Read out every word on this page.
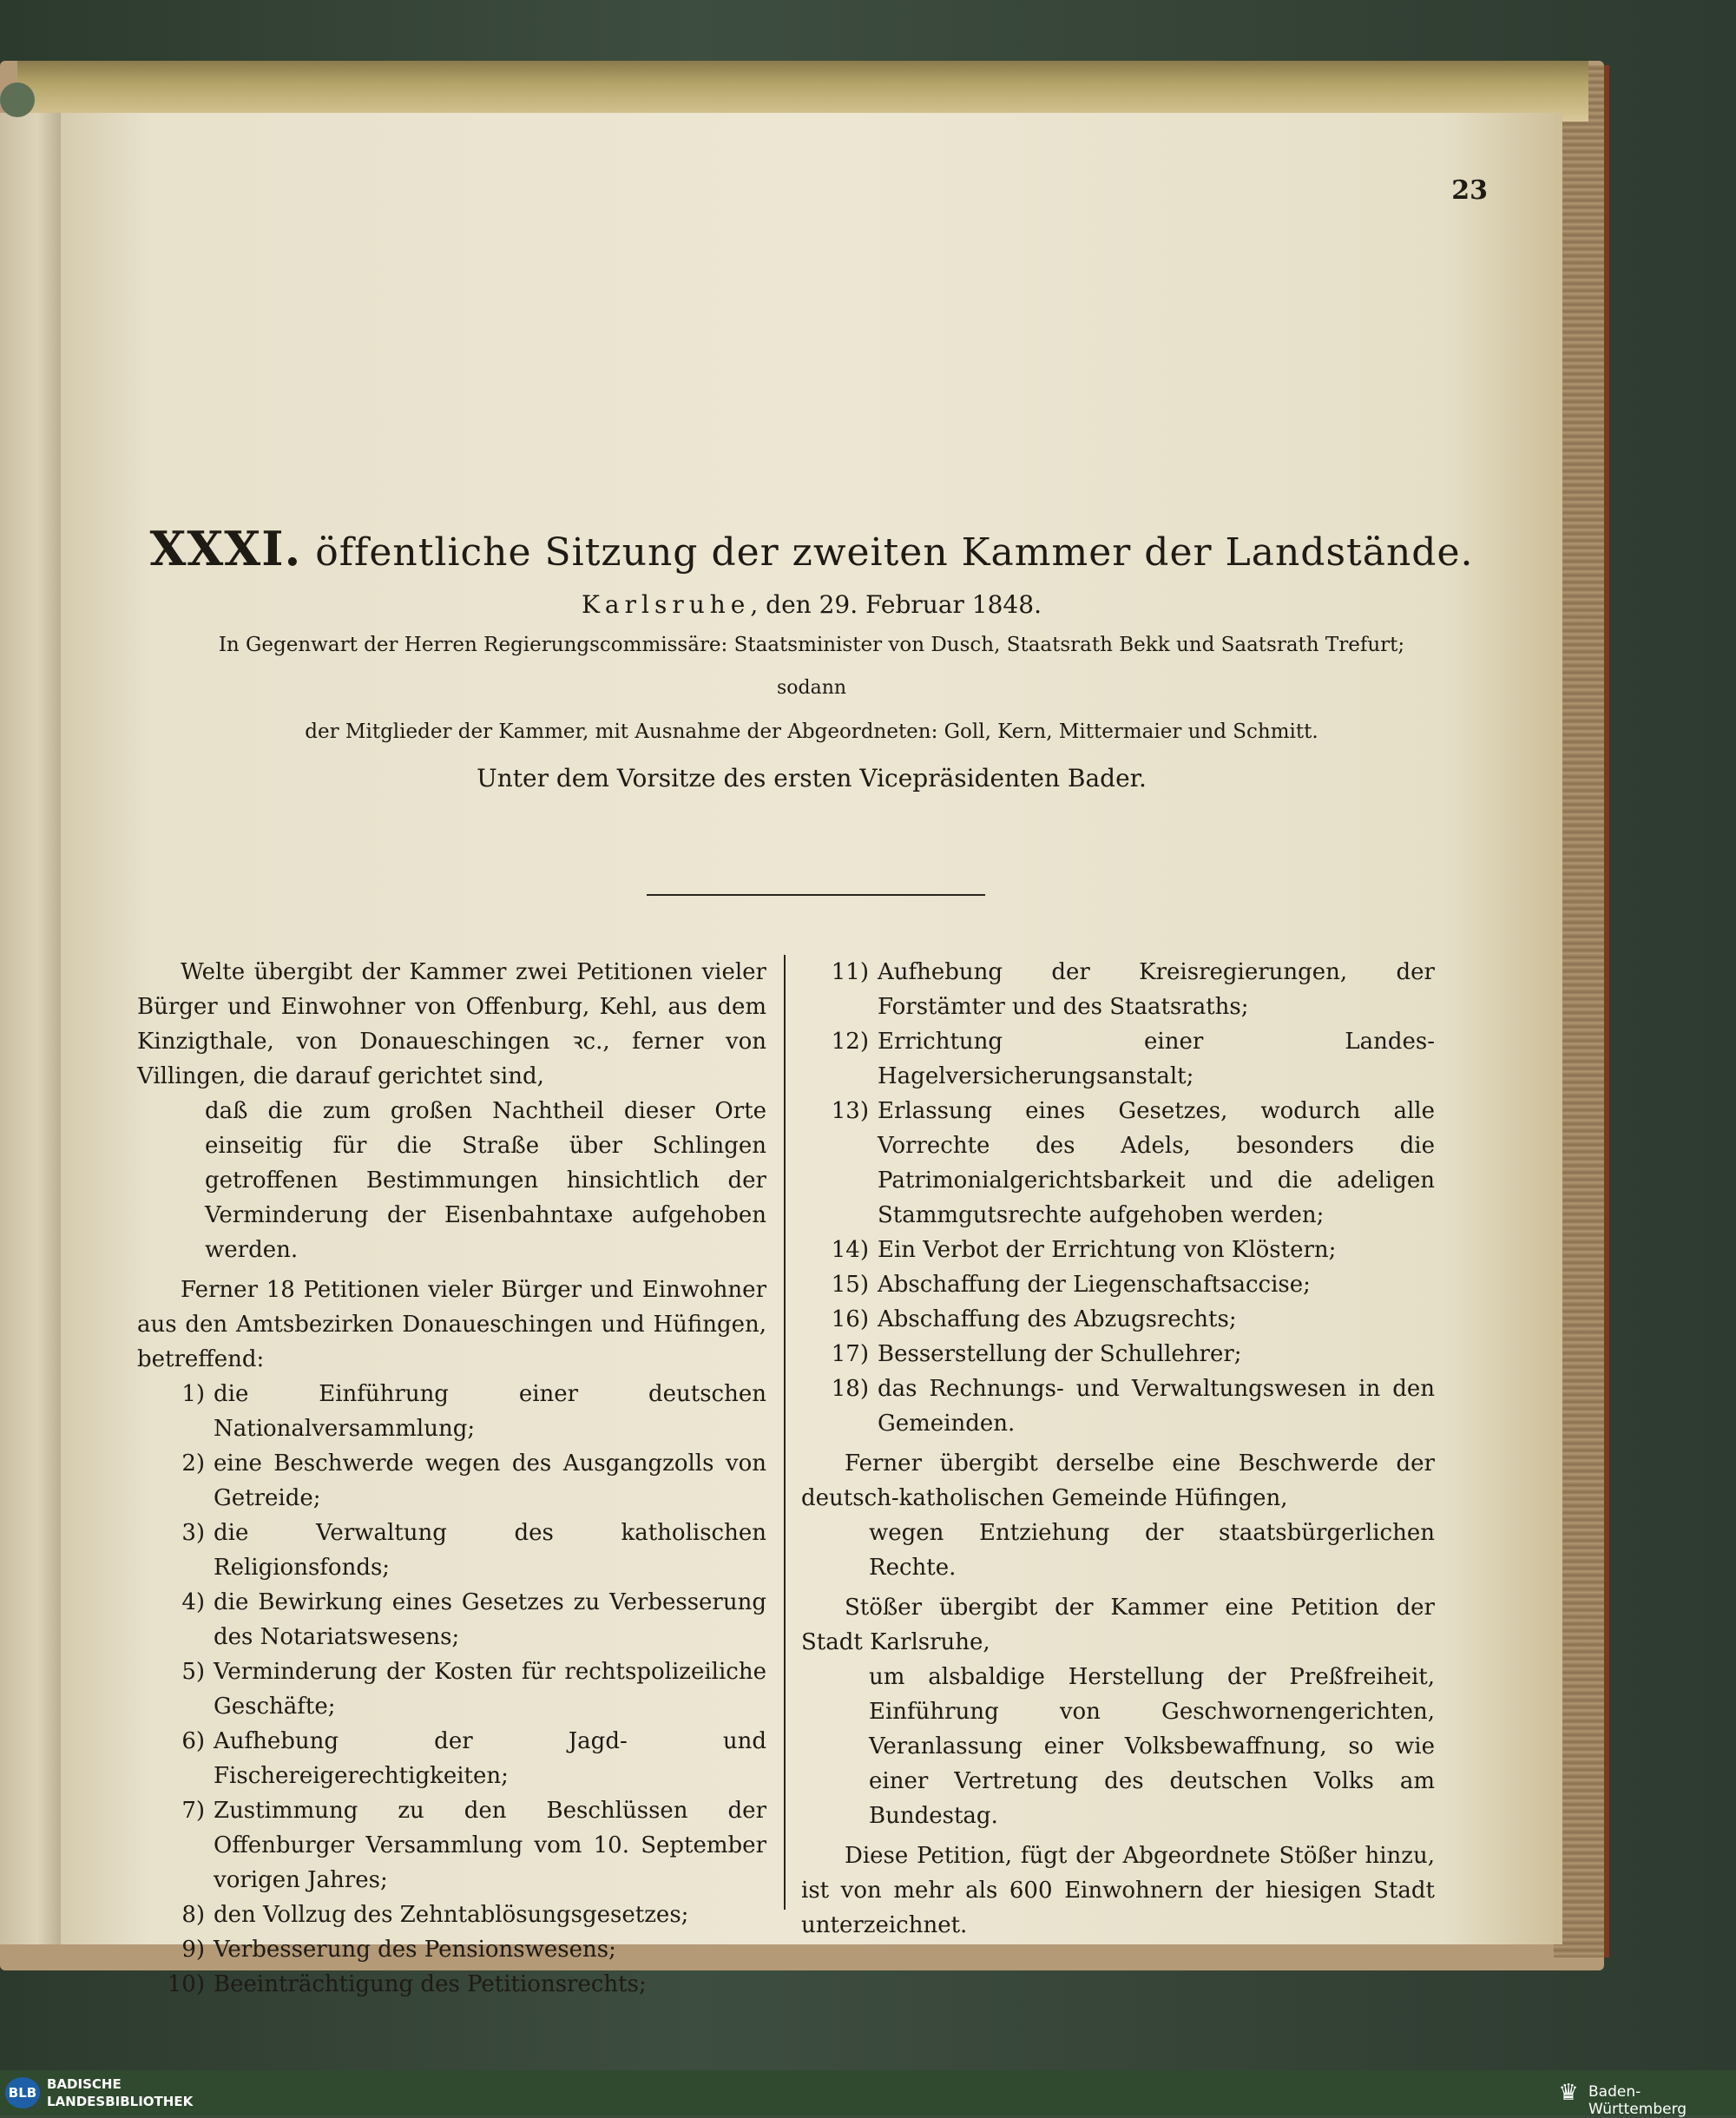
23
XXXI. öffentliche Sitzung der zweiten Kammer der Landstände.
Karlsruhe, den 29. Februar 1848.
In Gegenwart der Herren Regierungscommissäre: Staatsminister von Dusch, Staatsrath Bekk und Saatsrath Trefurt;
sodann
der Mitglieder der Kammer, mit Ausnahme der Abgeordneten: Goll, Kern, Mittermaier und Schmitt.
Unter dem Vorsitze des ersten Vicepräsidenten Bader.

Welte übergibt der Kammer zwei Petitionen vieler Bürger und Einwohner von Offenburg, Kehl, aus dem Kinzigthale, von Donaueschingen ꝛc., ferner von Villingen, die darauf gerichtet sind,

daß die zum großen Nachtheil dieser Orte einseitig für die Straße über Schlingen getroffenen Bestimmungen hinsichtlich der Verminderung der Eisenbahntaxe aufgehoben werden.

Ferner 18 Petitionen vieler Bürger und Einwohner aus den Amtsbezirken Donaueschingen und Hüfingen, betreffend:

1) die Einführung einer deutschen Nationalversammlung;
2) eine Beschwerde wegen des Ausgangzolls von Getreide;
3) die Verwaltung des katholischen Religionsfonds;
4) die Bewirkung eines Gesetzes zu Verbesserung des Notariatswesens;
5) Verminderung der Kosten für rechtspolizeiliche Geschäfte;
6) Aufhebung der Jagd- und Fischereigerechtigkeiten;
7) Zustimmung zu den Beschlüssen der Offenburger Versammlung vom 10. September vorigen Jahres;
8) den Vollzug des Zehntablösungsgesetzes;
9) Verbesserung des Pensionswesens;
10) Beeinträchtigung des Petitionsrechts;
11) Aufhebung der Kreisregierungen, der Forstämter und des Staatsraths;
12) Errichtung einer Landes-Hagelversicherungsanstalt;
13) Erlassung eines Gesetzes, wodurch alle Vorrechte des Adels, besonders die Patrimonialgerichtsbarkeit und die adeligen Stammgutsrechte aufgehoben werden;
14) Ein Verbot der Errichtung von Klöstern;
15) Abschaffung der Liegenschaftsaccise;
16) Abschaffung des Abzugsrechts;
17) Besserstellung der Schullehrer;
18) das Rechnungs- und Verwaltungswesen in den Gemeinden.

Ferner übergibt derselbe eine Beschwerde der deutsch-katholischen Gemeinde Hüfingen,

wegen Entziehung der staatsbürgerlichen Rechte.

Stößer übergibt der Kammer eine Petition der Stadt Karlsruhe,

um alsbaldige Herstellung der Preßfreiheit, Einführung von Geschwornengerichten, Veranlassung einer Volksbewaffnung, so wie einer Vertretung des deutschen Volks am Bundestag.

Diese Petition, fügt der Abgeordnete Stößer hinzu, ist von mehr als 600 Einwohnern der hiesigen Stadt unterzeichnet.

BLB
BADISCHE
LANDESBIBLIOTHEK	♛ Baden-Württemberg
